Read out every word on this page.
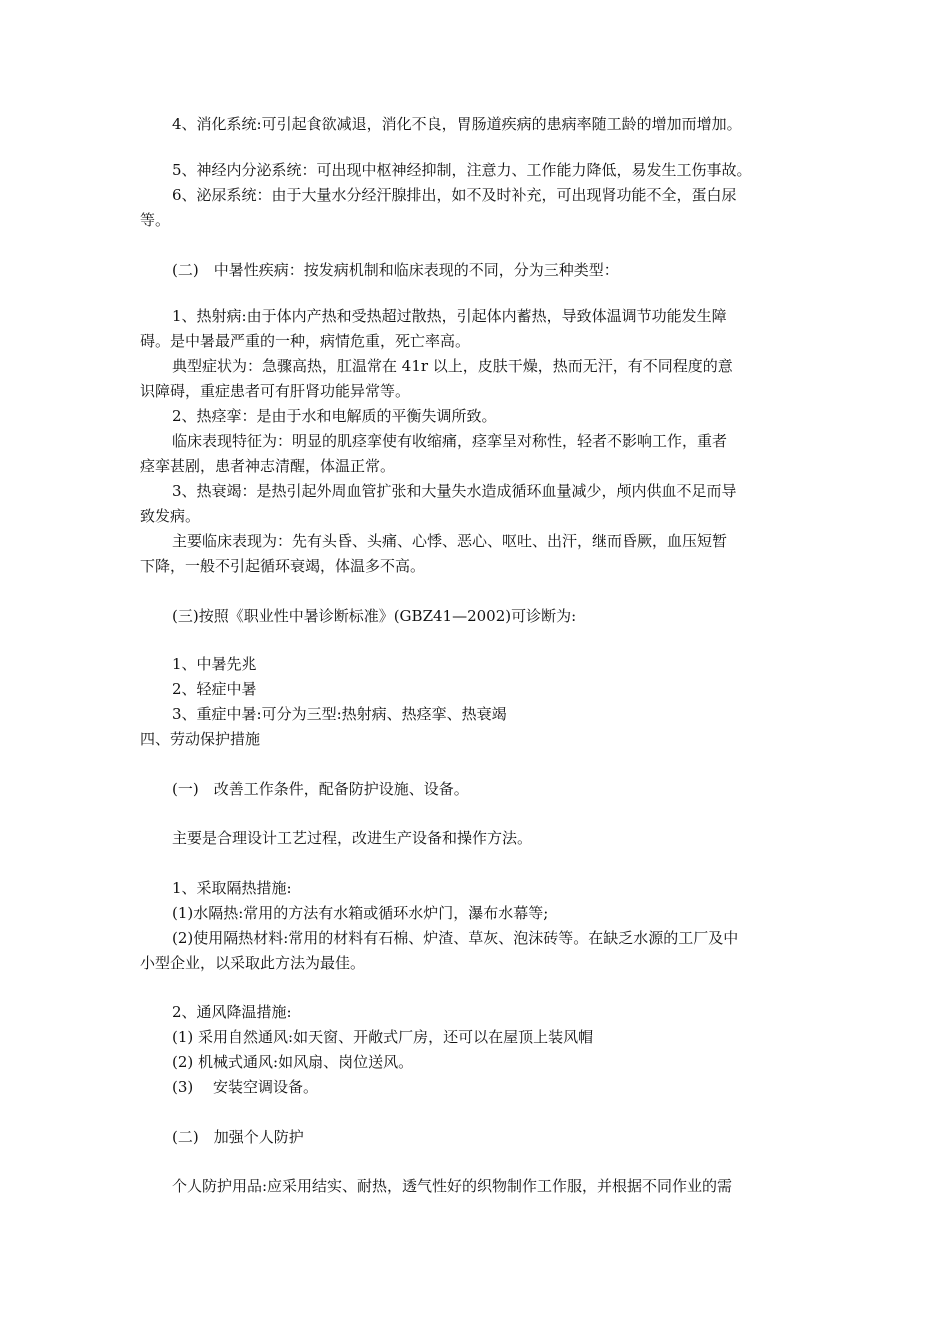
4、消化系统:可引起食欲减退，消化不良，胃肠道疾病的患病率随工龄的增加而增加。
5、神经内分泌系统：可出现中枢神经抑制，注意力、工作能力降低，易发生工伤事故。
6、泌尿系统：由于大量水分经汗腺排出，如不及时补充，可出现肾功能不全，蛋白尿
等。
(二)　中暑性疾病：按发病机制和临床表现的不同，分为三种类型：
1、热射病:由于体内产热和受热超过散热，引起体内蓄热，导致体温调节功能发生障
碍。是中暑最严重的一种，病情危重，死亡率高。
典型症状为：急骤高热，肛温常在 41r 以上，皮肤干燥，热而无汗，有不同程度的意
识障碍，重症患者可有肝肾功能异常等。
2、热痉挛：是由于水和电解质的平衡失调所致。
临床表现特征为：明显的肌痉挛使有收缩痛，痉挛呈对称性，轻者不影响工作，重者
痉挛甚剧，患者神志清醒，体温正常。
3、热衰竭：是热引起外周血管扩张和大量失水造成循环血量减少，颅内供血不足而导
致发病。
主要临床表现为：先有头昏、头痛、心悸、恶心、呕吐、出汗，继而昏厥，血压短暂
下降，一般不引起循环衰竭，体温多不高。
(三)按照《职业性中暑诊断标准》(GBZ41—2002)可诊断为:
1、中暑先兆
2、轻症中暑
3、重症中暑:可分为三型:热射病、热痉挛、热衰竭
四、劳动保护措施
(一)　改善工作条件，配备防护设施、设备。
主要是合理设计工艺过程，改进生产设备和操作方法。
1、采取隔热措施:
(1)水隔热:常用的方法有水箱或循环水炉门，瀑布水幕等;
(2)使用隔热材料:常用的材料有石棉、炉渣、草灰、泡沫砖等。在缺乏水源的工厂及中
小型企业，以采取此方法为最佳。
2、通风降温措施:
(1) 采用自然通风:如天窗、开敞式厂房，还可以在屋顶上装风帽
(2) 机械式通风:如风扇、岗位送风。
(3)　 安装空调设备。
(二)　加强个人防护
个人防护用品:应采用结实、耐热，透气性好的织物制作工作服，并根据不同作业的需
